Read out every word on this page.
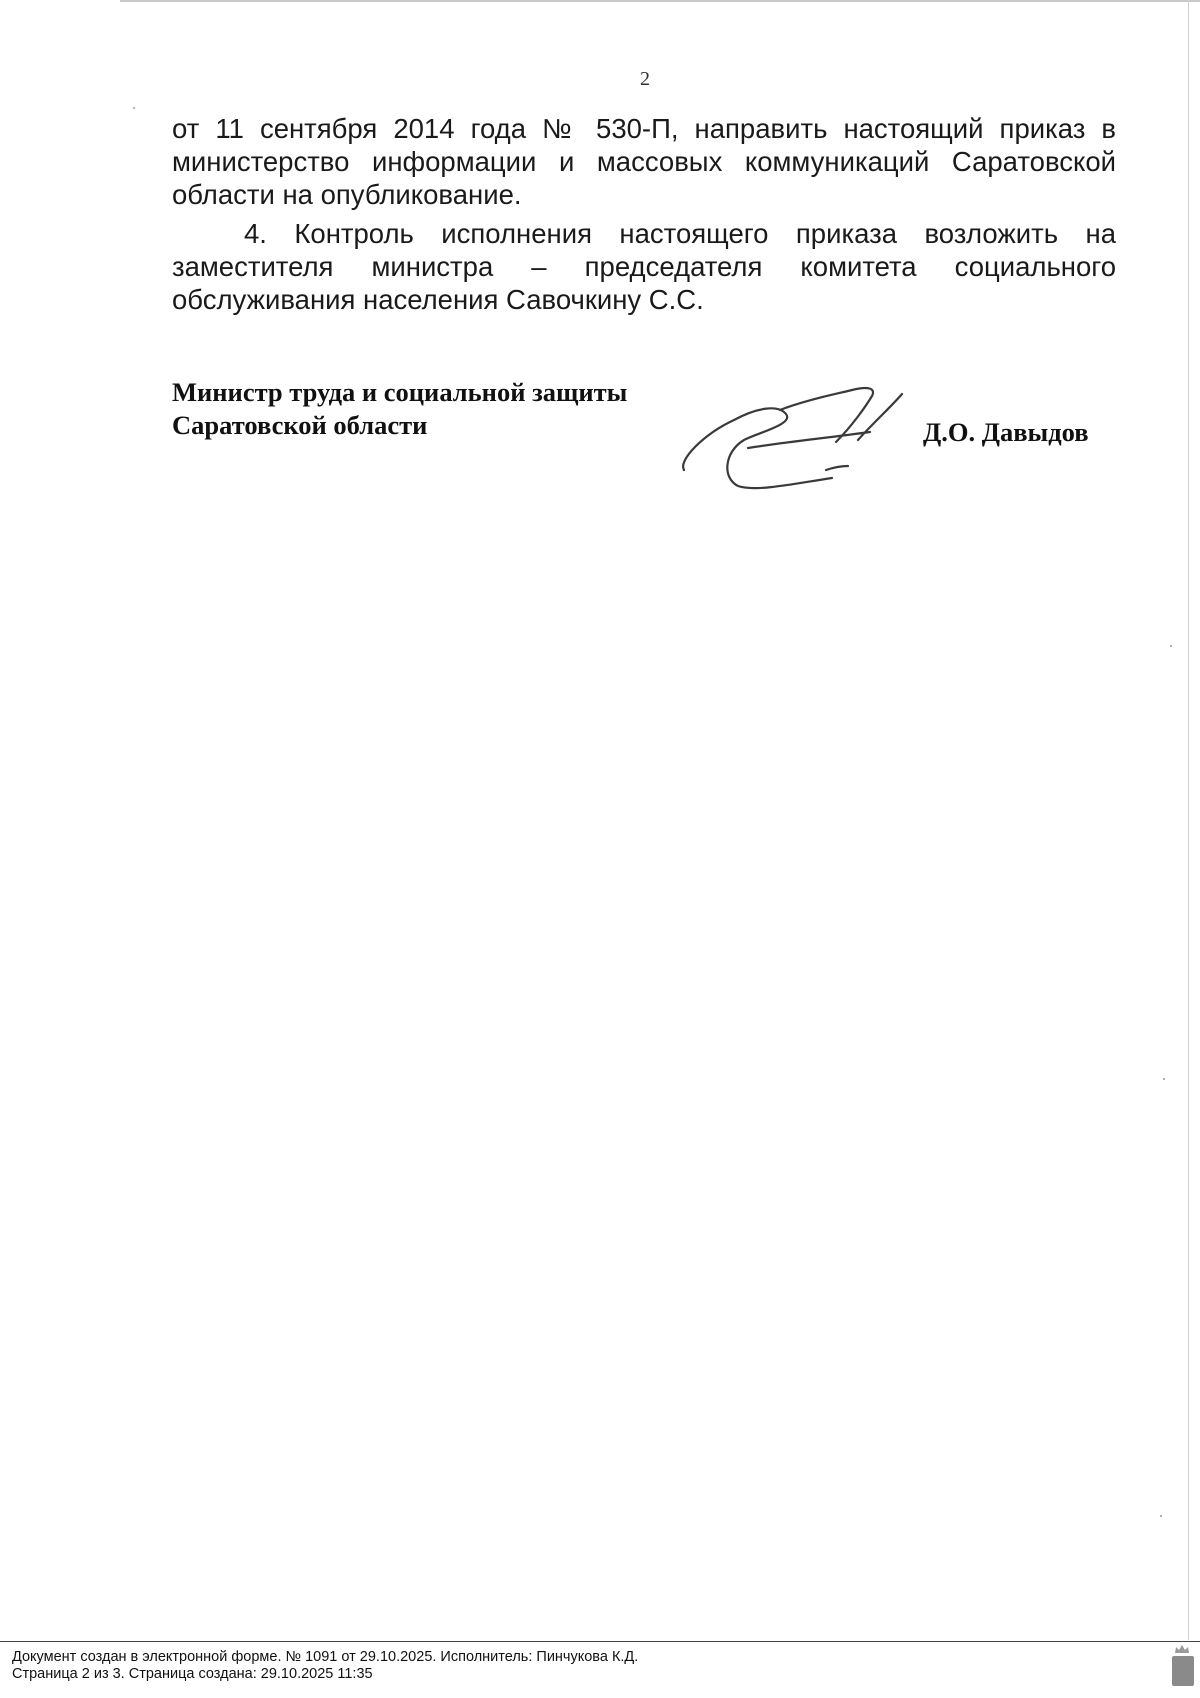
2

от 11 сентября 2014 года № 530-П, направить настоящий приказ в министерство информации и массовых коммуникаций Саратовской области на опубликование.

4. Контроль исполнения настоящего приказа возложить на заместителя министра – председателя комитета социального обслуживания населения Савочкину С.С.

Министр труда и социальной защиты
Саратовской области	Д.О. Давыдов
Документ создан в электронной форме. № 1091 от 29.10.2025. Исполнитель: Пинчукова К.Д.
Страница 2 из 3. Страница создана: 29.10.2025 11:35
